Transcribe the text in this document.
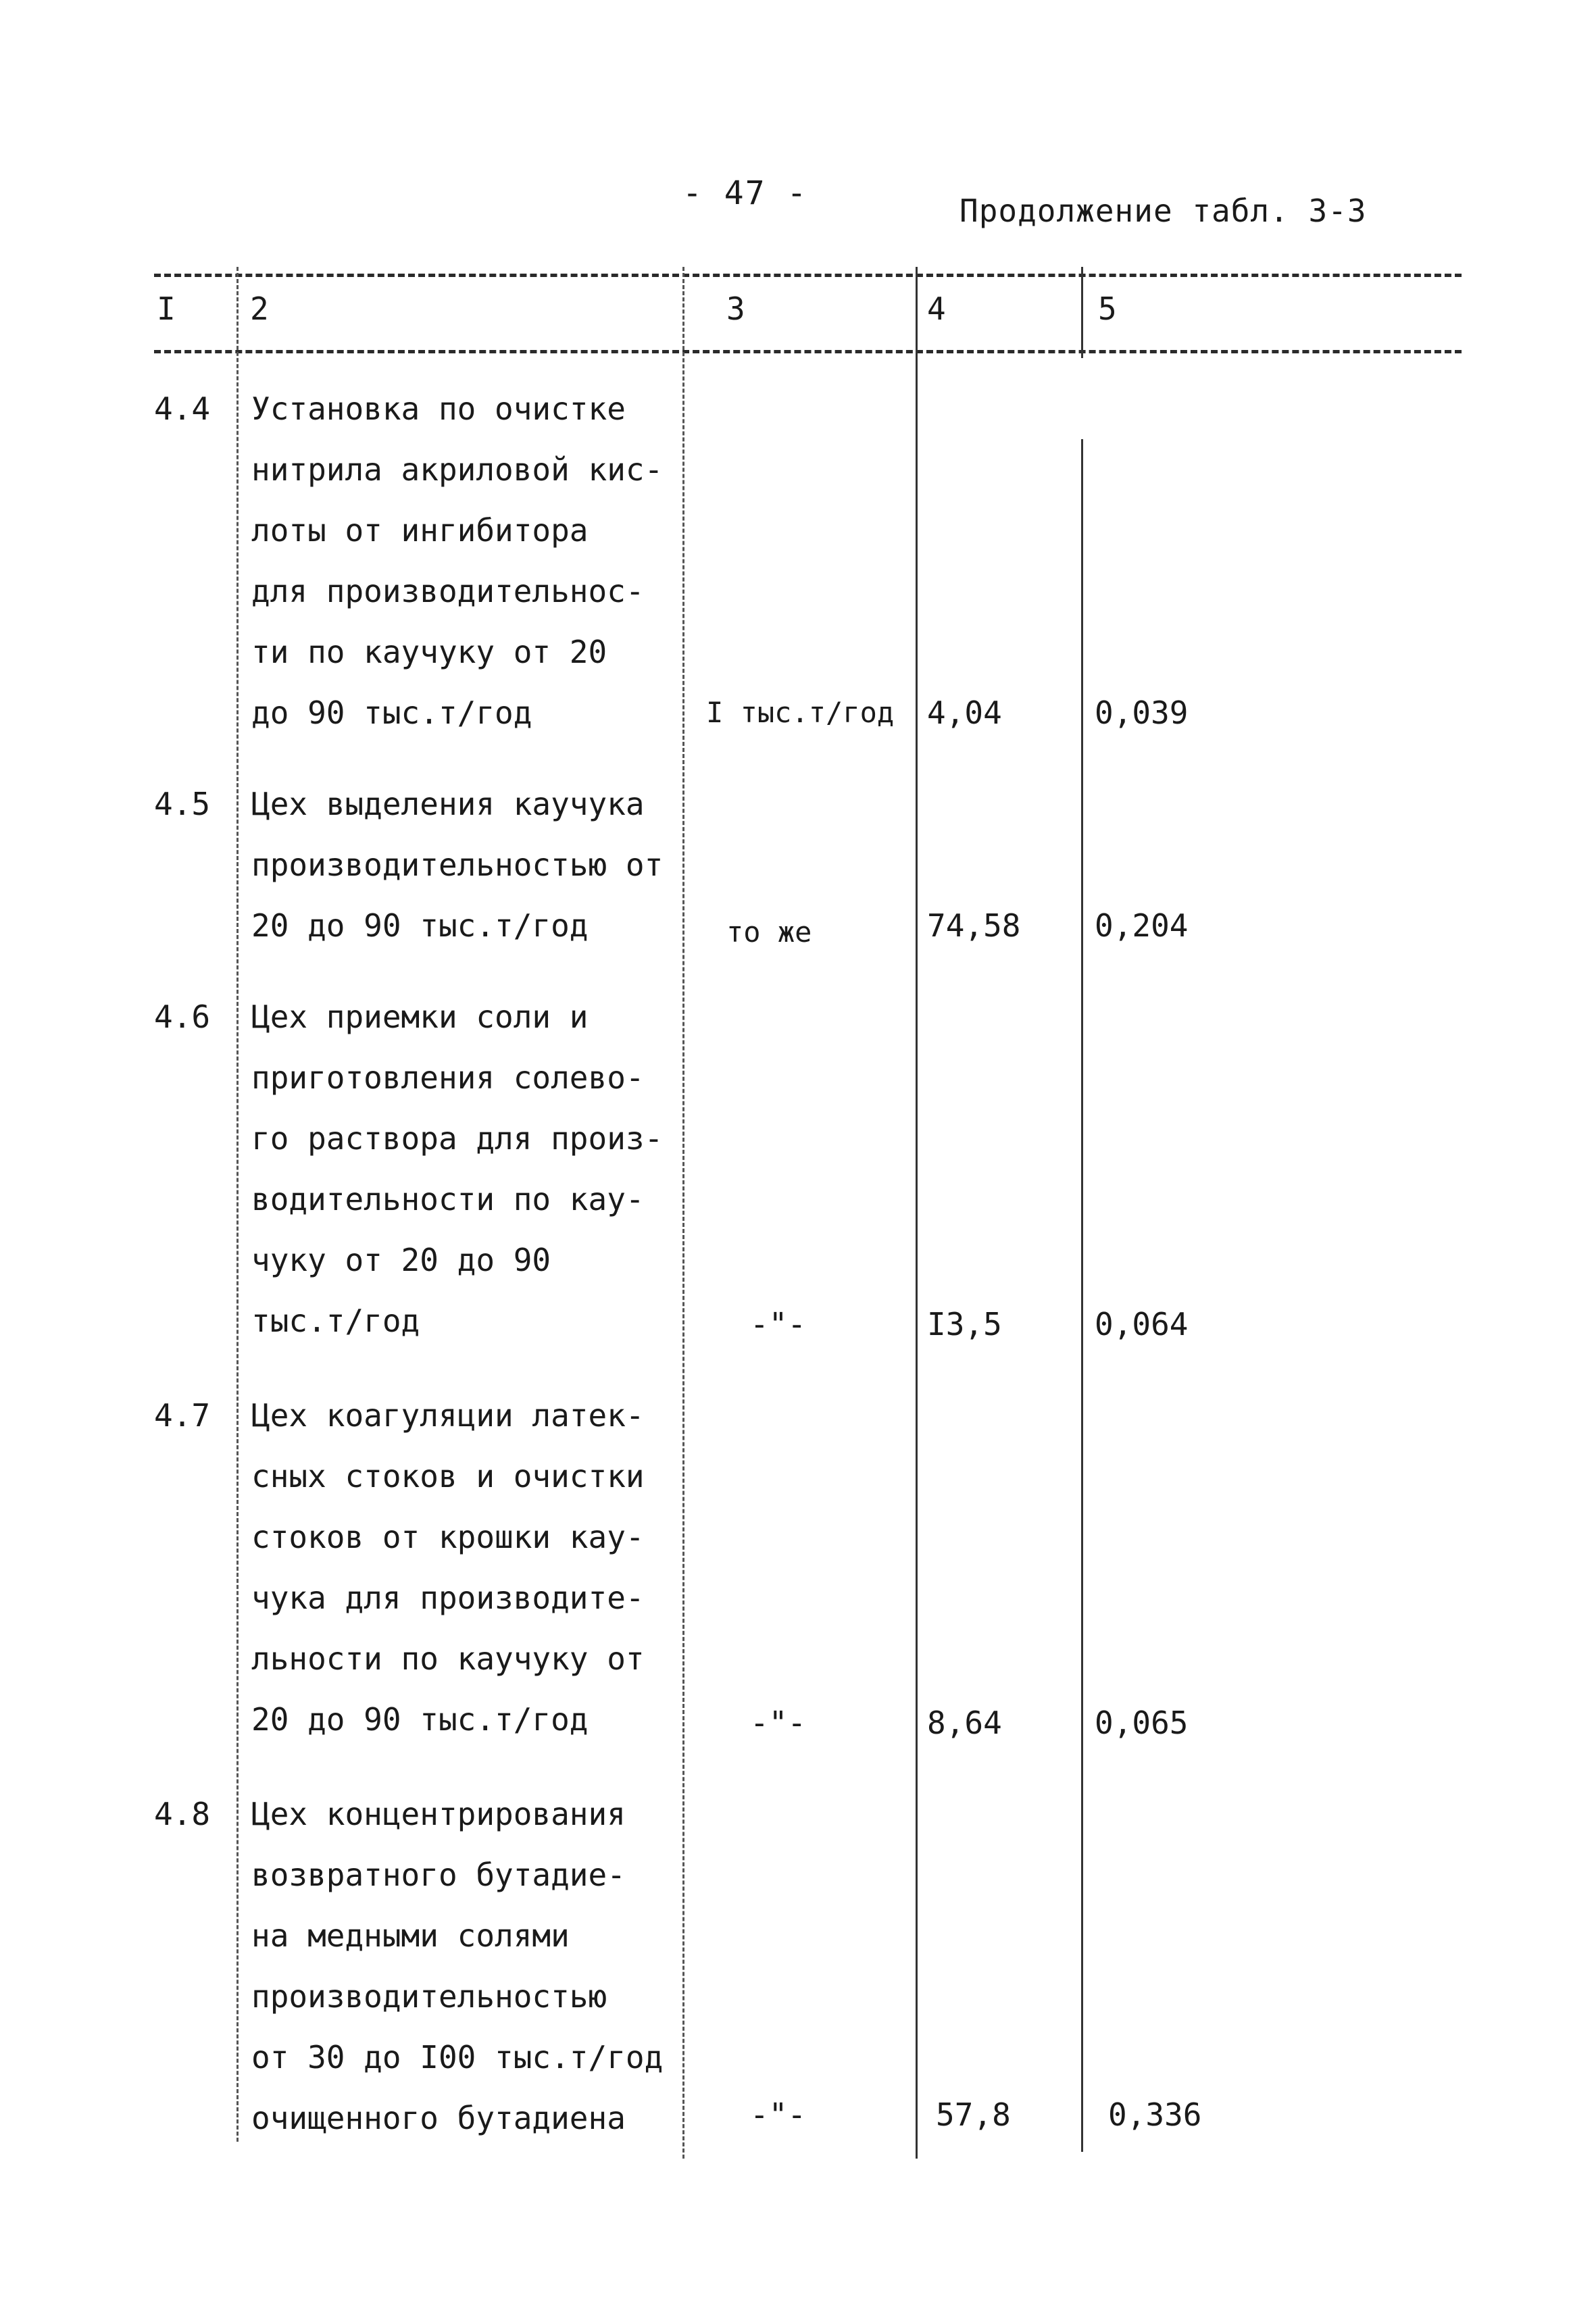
- 47 -	Продолжение табл. 3-3
I 2	3	4	5
4.4 Установка по очистке
нитрила акриловой кис-
лоты от ингибитора
для производительнос-
ти по каучуку от 20
до 90 тыс.т/год	I тыс.т/год 4,04	0,039
4.5 Цех выделения каучука
производительностью от
20 до 90 тыс.т/год	то же	74,58 0,204
4.6 Цех приемки соли и
приготовления солево-
го раствора для произ-
водительности по кау-
чуку от 20 до 90
тыс.т/год	-"-	I3,5	0,064
4.7 Цех коагуляции латек-
сных стоков и очистки
стоков от крошки кау-
чука для производите-
льности по каучуку от
20 до 90 тыс.т/год	-"-	8,64	0,065
4.8 Цех концентрирования
возвратного бутадие-
на медными солями
производительностью
от 30 до I00 тыс.т/год
очищенного бутадиена	-"-	57,8	0,336
